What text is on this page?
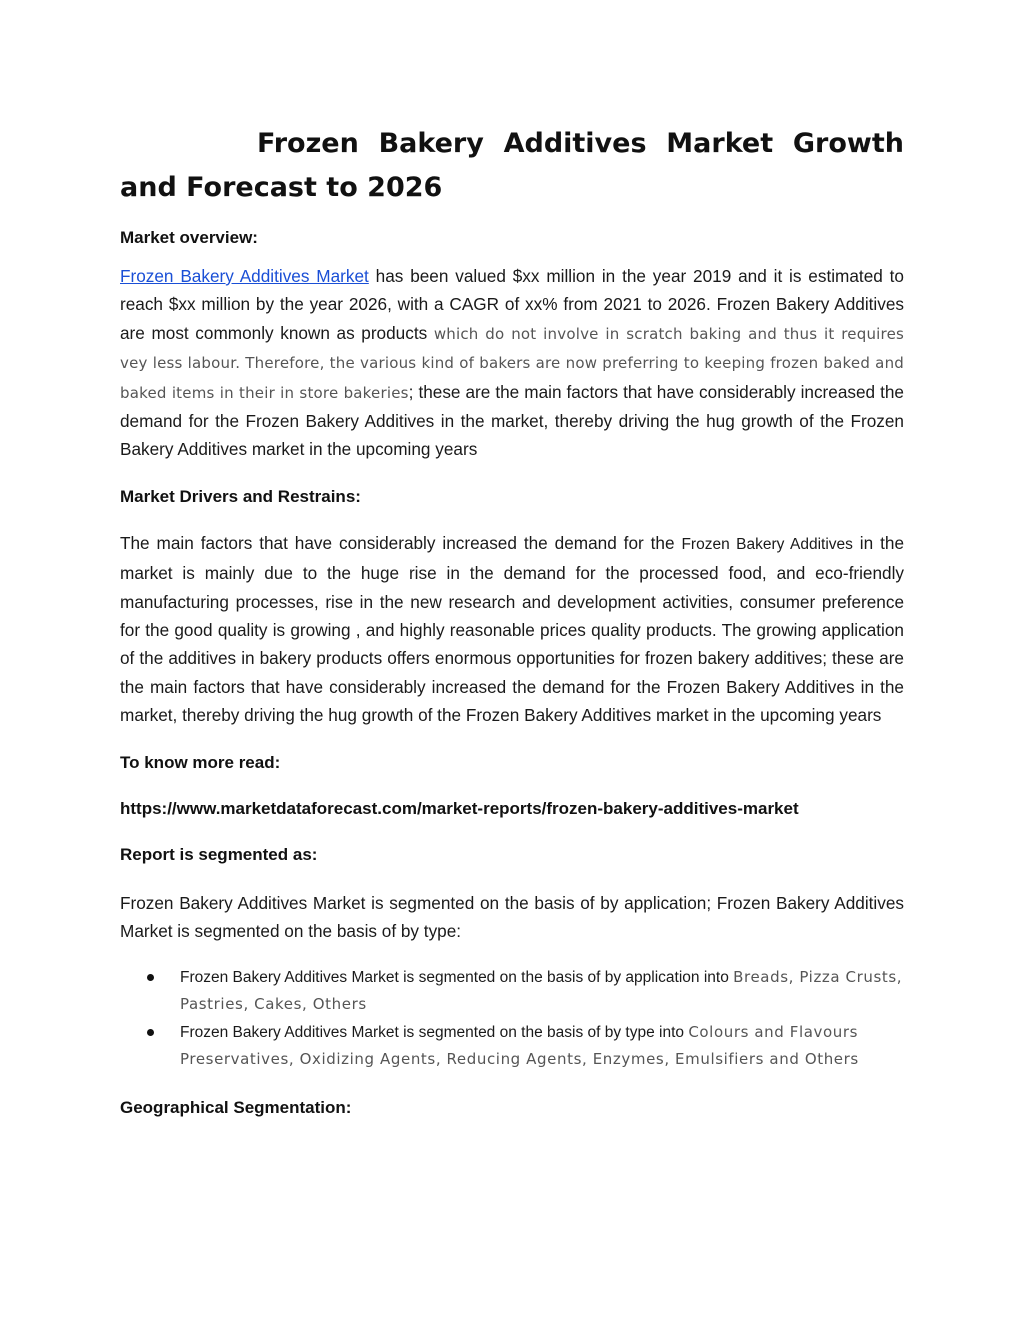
Frozen Bakery Additives Market Growth and Forecast to 2026
Market overview:

Frozen Bakery Additives Market has been valued $xx million in the year 2019 and it is estimated to reach $xx million by the year 2026, with a CAGR of xx% from 2021 to 2026. Frozen Bakery Additives are most commonly known as products which do not involve in scratch baking and thus it requires vey less labour. Therefore, the various kind of bakers are now preferring to keeping frozen baked and baked items in their in store bakeries; these are the main factors that have considerably increased the demand for the Frozen Bakery Additives in the market, thereby driving the hug growth of the Frozen Bakery Additives market in the upcoming years

Market Drivers and Restrains:

The main factors that have considerably increased the demand for the Frozen Bakery Additives in the market is mainly due to the huge rise in the demand for the processed food, and eco-friendly manufacturing processes, rise in the new research and development activities, consumer preference for the good quality is growing , and highly reasonable prices quality products. The growing application of the additives in bakery products offers enormous opportunities for frozen bakery additives; these are the main factors that have considerably increased the demand for the Frozen Bakery Additives in the market, thereby driving the hug growth of the Frozen Bakery Additives market in the upcoming years

To know more read:

https://www.marketdataforecast.com/market-reports/frozen-bakery-additives-market

Report is segmented as:

Frozen Bakery Additives Market is segmented on the basis of by application; Frozen Bakery Additives Market is segmented on the basis of by type:

Frozen Bakery Additives Market is segmented on the basis of by application into Breads, Pizza Crusts, Pastries, Cakes, Others
Frozen Bakery Additives Market is segmented on the basis of by type into Colours and Flavours Preservatives, Oxidizing Agents, Reducing Agents, Enzymes, Emulsifiers and Others
Geographical Segmentation:
